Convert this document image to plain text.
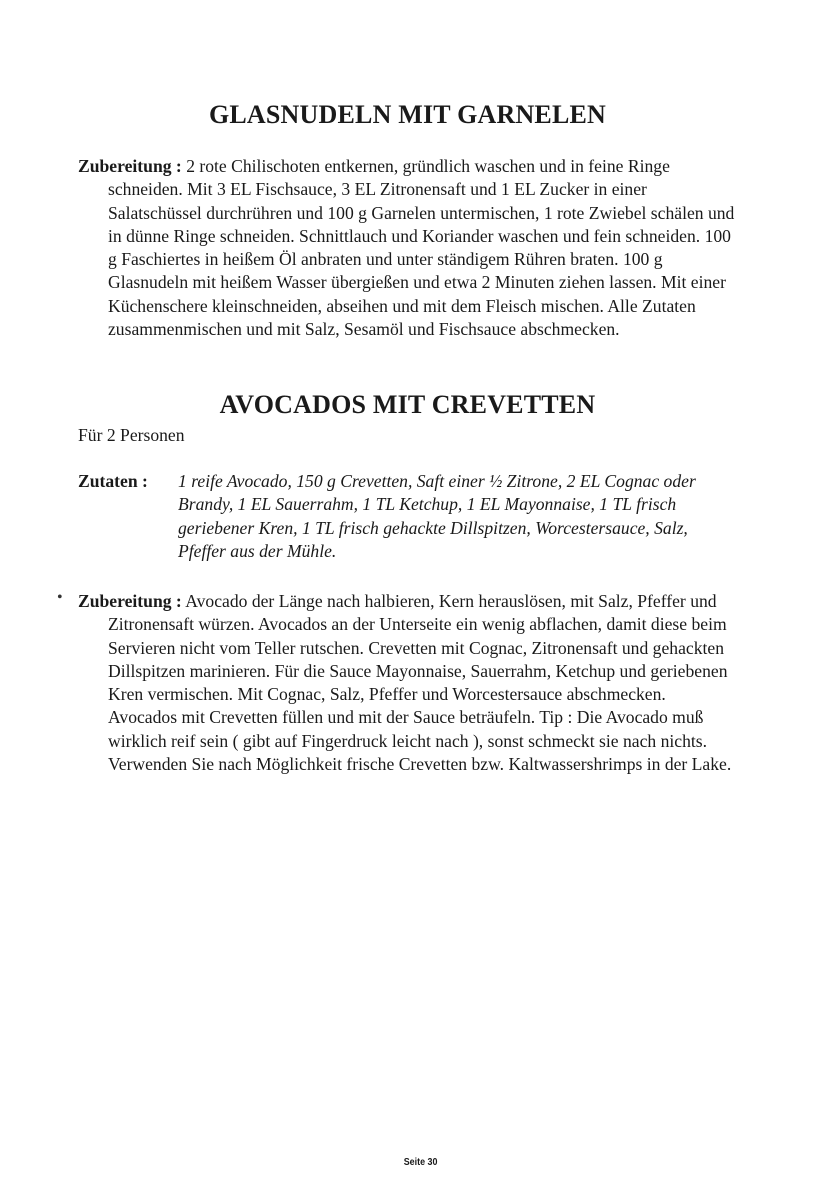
GLASNUDELN MIT GARNELEN

Zubereitung : 2 rote Chilischoten entkernen, gründlich waschen und in feine Ringe schneiden. Mit 3 EL Fischsauce, 3 EL Zitronensaft und 1 EL Zucker in einer Salatschüssel durchrühren und 100 g Garnelen untermischen, 1 rote Zwiebel schälen und in dünne Ringe schneiden. Schnittlauch und Koriander waschen und fein schneiden. 100 g Faschiertes in heißem Öl anbraten und unter ständigem Rühren braten. 100 g Glasnudeln mit heißem Wasser übergießen und etwa 2 Minuten ziehen lassen. Mit einer Küchenschere kleinschneiden, abseihen und mit dem Fleisch mischen. Alle Zutaten zusammenmischen und mit Salz, Sesamöl und Fischsauce abschmecken.

AVOCADOS MIT CREVETTEN
Für 2 Personen
Zutaten :	1 reife Avocado, 150 g Crevetten, Saft einer ½ Zitrone, 2 EL Cognac oder Brandy, 1 EL Sauerrahm, 1 TL Ketchup, 1 EL Mayonnaise, 1 TL frisch geriebener Kren, 1 TL frisch gehackte Dillspitzen, Worcestersauce, Salz, Pfeffer aus der Mühle.
• Zubereitung : Avocado der Länge nach halbieren, Kern herauslösen, mit Salz, Pfeffer und Zitronensaft würzen. Avocados an der Unterseite ein wenig abflachen, damit diese beim Servieren nicht vom Teller rutschen. Crevetten mit Cognac, Zitronensaft und gehackten Dillspitzen marinieren. Für die Sauce Mayonnaise, Sauerrahm, Ketchup und geriebenen Kren vermischen. Mit Cognac, Salz, Pfeffer und Worcestersauce abschmecken. Avocados mit Crevetten füllen und mit der Sauce beträufeln. Tip : Die Avocado muß wirklich reif sein ( gibt auf Fingerdruck leicht nach ), sonst schmeckt sie nach nichts. Verwenden Sie nach Möglichkeit frische Crevetten bzw. Kaltwassershrimps in der Lake.

Seite 30
